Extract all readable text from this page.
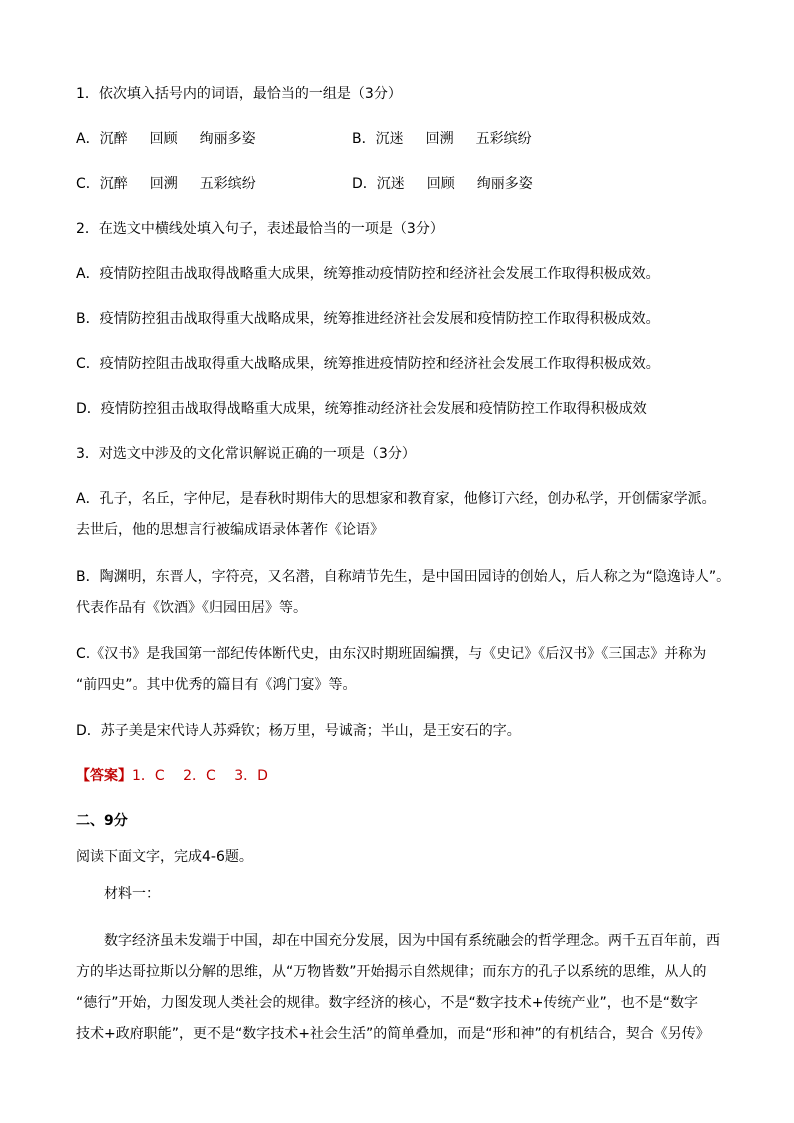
1．依次填入括号内的词语，最恰当的一组是（3分）
A．沉醉 回顾 绚丽多姿	B．沉迷 回溯 五彩缤纷
C．沉醉 回溯 五彩缤纷	D．沉迷 回顾 绚丽多姿
2．在选文中横线处填入句子，表述最恰当的一项是（3分）
A．疫情防控阻击战取得战略重大成果，统筹推动疫情防控和经济社会发展工作取得积极成效。
B．疫情防控狙击战取得重大战略成果，统筹推进经济社会发展和疫情防控工作取得积极成效。
C．疫情防控阻击战取得重大战略成果，统筹推进疫情防控和经济社会发展工作取得积极成效。
D．疫情防控狙击战取得战略重大成果，统筹推动经济社会发展和疫情防控工作取得积极成效
3．对选文中涉及的文化常识解说正确的一项是（3分）
A．孔子，名丘，字仲尼，是春秋时期伟大的思想家和教育家，他修订六经，创办私学，开创儒家学派。
去世后，他的思想言行被编成语录体著作《论语》
B．陶渊明，东晋人，字符亮，又名潜，自称靖节先生，是中国田园诗的创始人，后人称之为“隐逸诗人”。
代表作品有《饮酒》《归园田居》等。
C.《汉书》是我国第一部纪传体断代史，由东汉时期班固编撰，与《史记》《后汉书》《三国志》并称为
“前四史”。其中优秀的篇目有《鸿门宴》等。
D．苏子美是宋代诗人苏舜钦；杨万里，号诚斋；半山，是王安石的字。
【答案】1．C　 2．C　 3．D
二、9分
阅读下面文字，完成4-6题。
材料一：
数字经济虽未发端于中国，却在中国充分发展，因为中国有系统融会的哲学理念。两千五百年前，西
方的毕达哥拉斯以分解的思维，从“万物皆数”开始揭示自然规律；而东方的孔子以系统的思维，从人的
“德行”开始，力图发现人类社会的规律。数字经济的核心，不是“数字技术+传统产业”，也不是“数字
技术+政府职能”，更不是“数字技术+社会生活”的简单叠加，而是“形和神”的有机结合，契合《另传》
